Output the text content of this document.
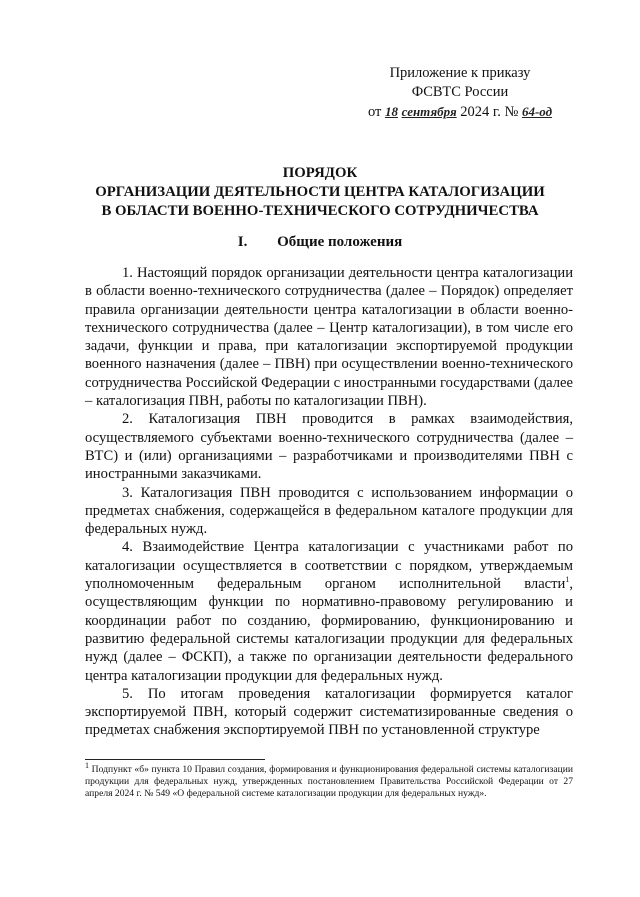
Приложение к приказу
ФСВТС России
от 18 сентября 2024 г. № 64-од
ПОРЯДОК
ОРГАНИЗАЦИИ ДЕЯТЕЛЬНОСТИ ЦЕНТРА КАТАЛОГИЗАЦИИ
В ОБЛАСТИ ВОЕННО-ТЕХНИЧЕСКОГО СОТРУДНИЧЕСТВА
I. Общие положения

1. Настоящий порядок организации деятельности центра каталогизации в области военно-технического сотрудничества (далее – Порядок) определяет правила организации деятельности центра каталогизации в области военно-технического сотрудничества (далее – Центр каталогизации), в том числе его задачи, функции и права, при каталогизации экспортируемой продукции военного назначения (далее – ПВН) при осуществлении военно-технического сотрудничества Российской Федерации с иностранными государствами (далее – каталогизация ПВН, работы по каталогизации ПВН).

2. Каталогизация ПВН проводится в рамках взаимодействия, осуществляемого субъектами военно-технического сотрудничества (далее – ВТС) и (или) организациями – разработчиками и производителями ПВН с иностранными заказчиками.

3. Каталогизация ПВН проводится с использованием информации о предметах снабжения, содержащейся в федеральном каталоге продукции для федеральных нужд.

4. Взаимодействие Центра каталогизации с участниками работ по каталогизации осуществляется в соответствии с порядком, утверждаемым уполномоченным федеральным органом исполнительной власти$^1$, осуществляющим функции по нормативно-правовому регулированию и координации работ по созданию, формированию, функционированию и развитию федеральной системы каталогизации продукции для федеральных нужд (далее – ФСКП), а также по организации деятельности федерального центра каталогизации продукции для федеральных нужд.

5. По итогам проведения каталогизации формируется каталог экспортируемой ПВН, который содержит систематизированные сведения о предметах снабжения экспортируемой ПВН по установленной структуре

$^1$ Подпункт «б» пункта 10 Правил создания, формирования и функционирования федеральной системы каталогизации продукции для федеральных нужд, утвержденных постановлением Правительства Российской Федерации от 27 апреля 2024 г. № 549 «О федеральной системе каталогизации продукции для федеральных нужд».
